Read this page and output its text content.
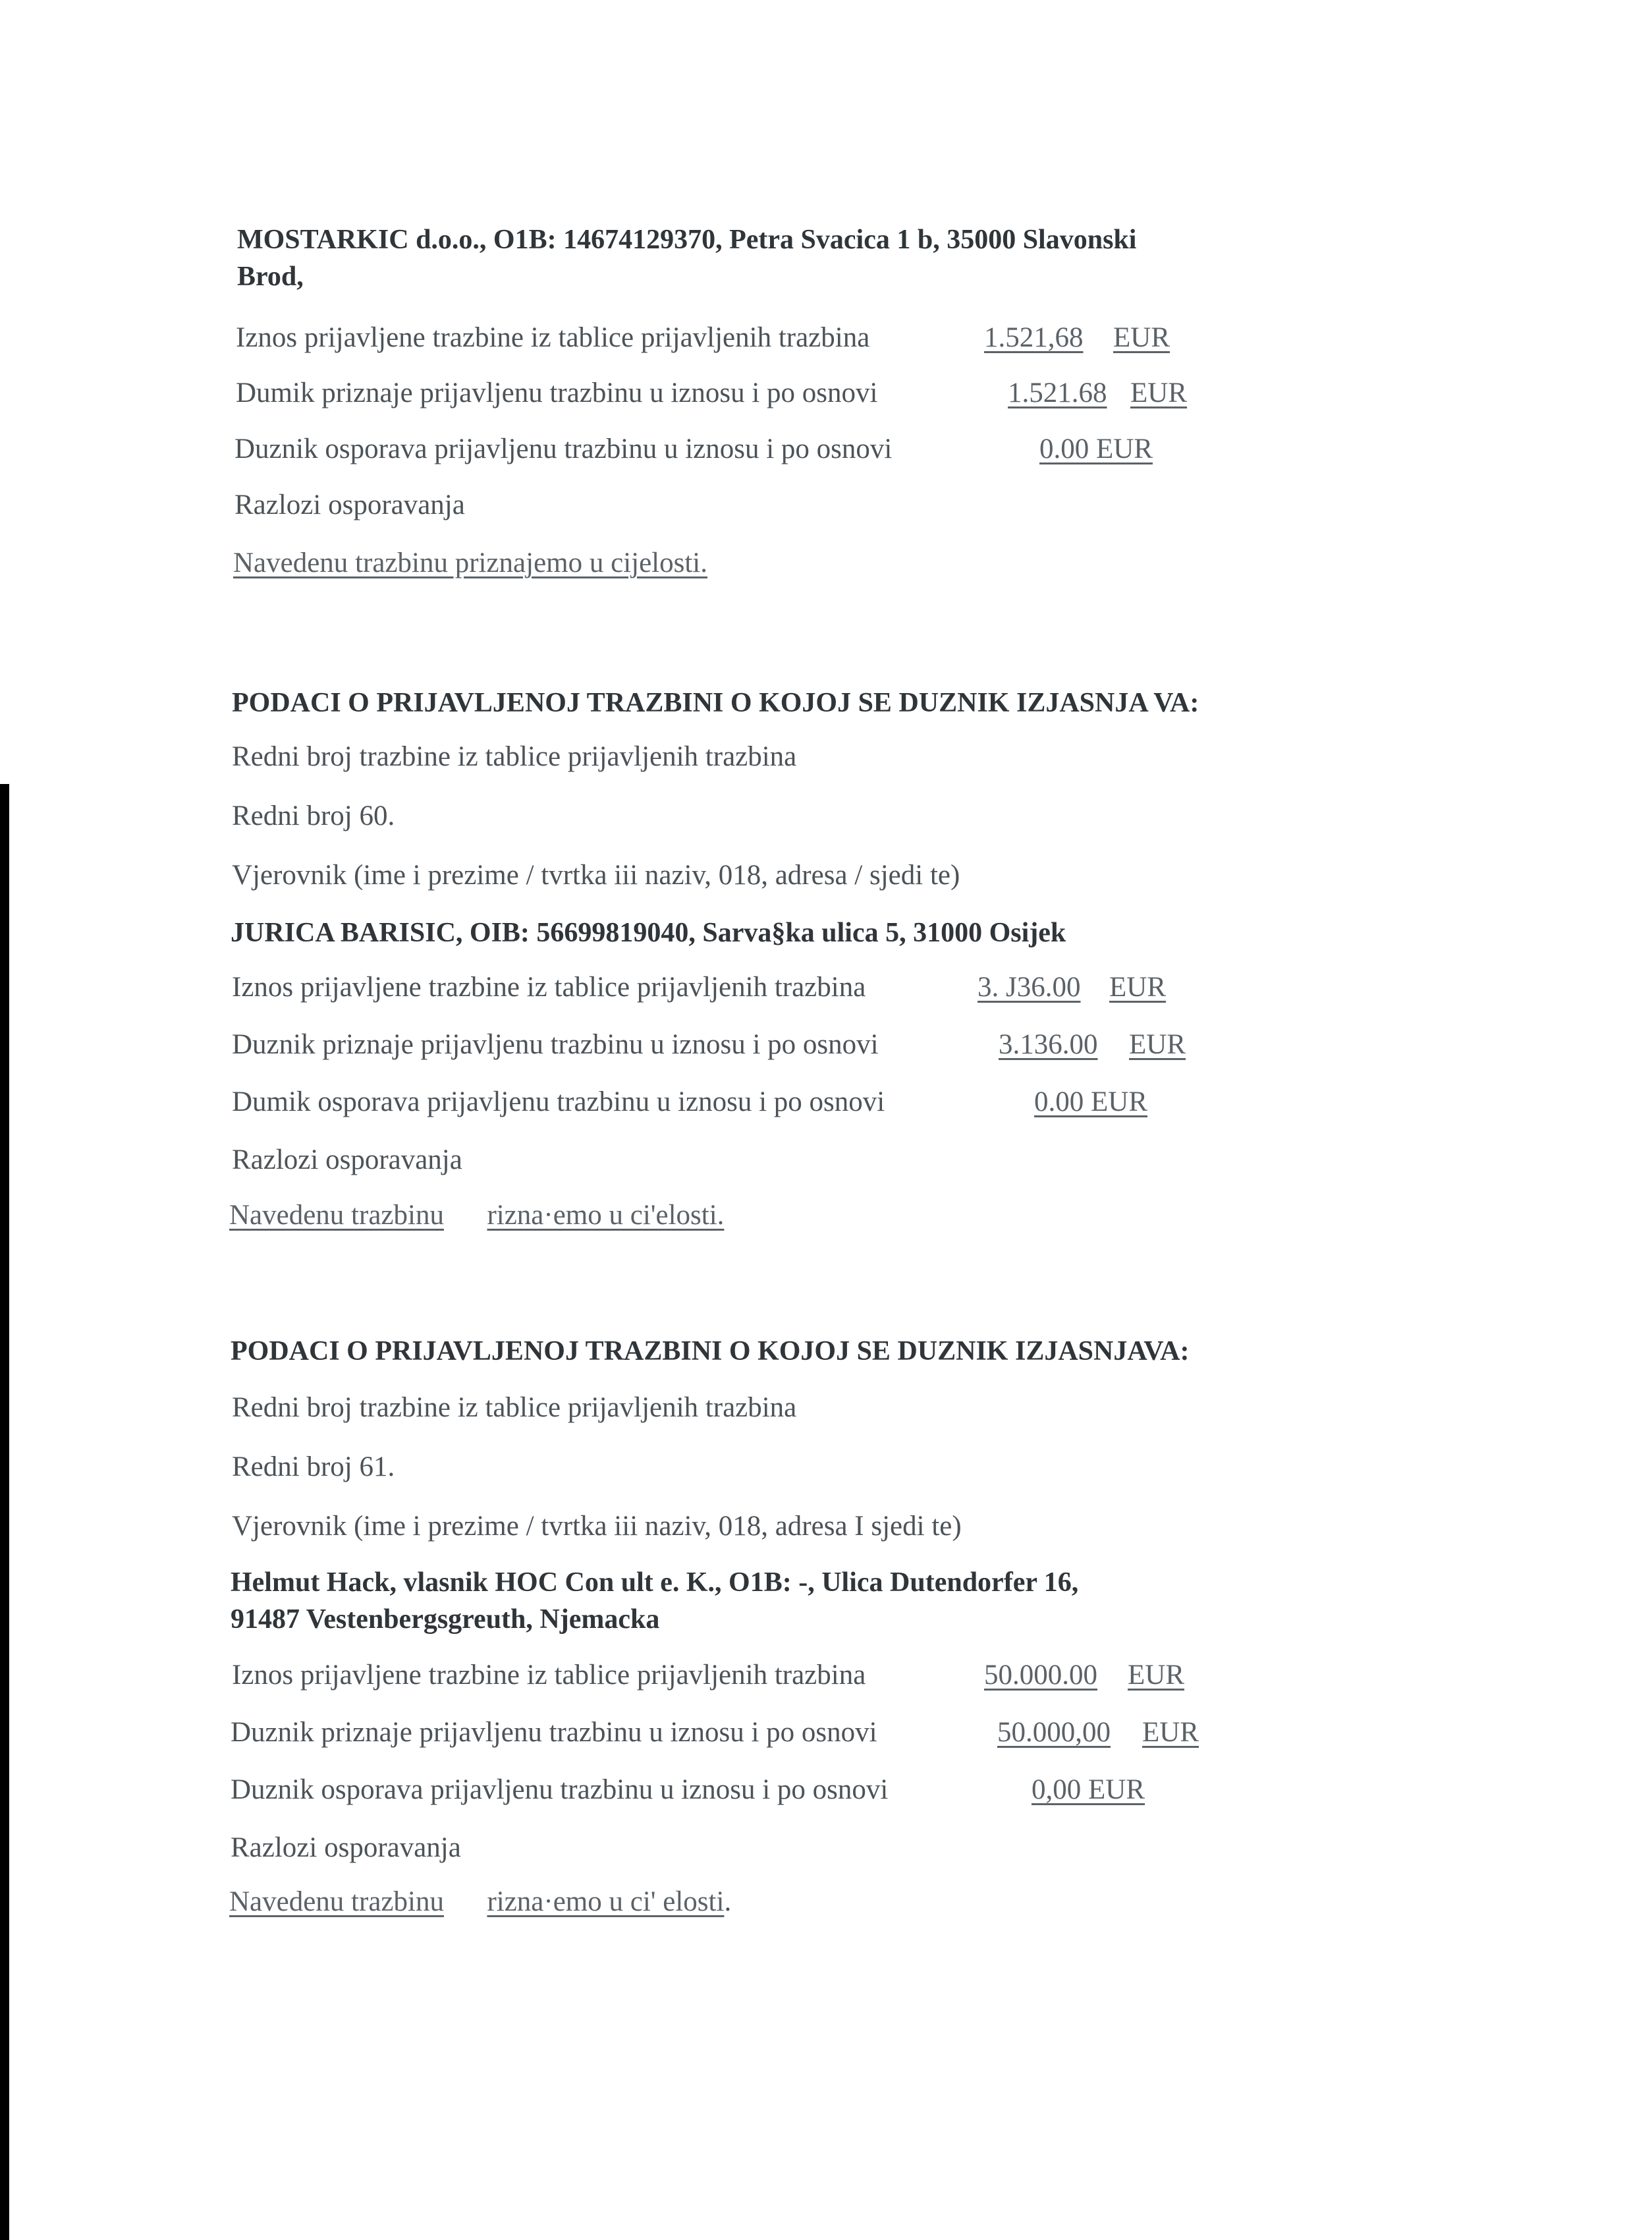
MOSTARKIC d.o.o., O1B: 14674129370, Petra Svacica 1 b, 35000 Slavonski
Brod,
Iznos prijavljene trazbine iz tablice prijavljenih trazbina	1.521,68 EUR
Dumik priznaje prijavljenu trazbinu u iznosu i po osnovi	1.521.68 EUR
Duznik osporava prijavljenu trazbinu u iznosu i po osnovi	0.00 EUR
Razlozi osporavanja
Navedenu trazbinu priznajemo u cijelosti.
PODACI O PRIJAVLJENOJ TRAZBINI O KOJOJ SE DUZNIK IZJASNJA VA:
Redni broj trazbine iz tablice prijavljenih trazbina
Redni broj 60.
Vjerovnik (ime i prezime / tvrtka iii naziv, 018, adresa / sjedi te)
JURICA BARISIC, OIB: 56699819040, Sarva§ka ulica 5, 31000 Osijek
Iznos prijavljene trazbine iz tablice prijavljenih trazbina	3. J36.00 EUR
Duznik priznaje prijavljenu trazbinu u iznosu i po osnovi	3.136.00 EUR
Dumik osporava prijavljenu trazbinu u iznosu i po osnovi	0.00 EUR
Razlozi osporavanja
Navedenu trazbinu rizna·emo u ci'elosti.
PODACI O PRIJAVLJENOJ TRAZBINI O KOJOJ SE DUZNIK IZJASNJAVA:
Redni broj trazbine iz tablice prijavljenih trazbina
Redni broj 61.
Vjerovnik (ime i prezime / tvrtka iii naziv, 018, adresa I sjedi te)
Helmut Hack, vlasnik HOC Con ult e. K., O1B: -, Ulica Dutendorfer 16,
91487 Vestenbergsgreuth, Njemacka
Iznos prijavljene trazbine iz tablice prijavljenih trazbina	50.000.00 EUR
Duznik priznaje prijavljenu trazbinu u iznosu i po osnovi	50.000,00 EUR
Duznik osporava prijavljenu trazbinu u iznosu i po osnovi	0,00 EUR
Razlozi osporavanja
Navedenu trazbinu rizna·emo u ci' elosti.
